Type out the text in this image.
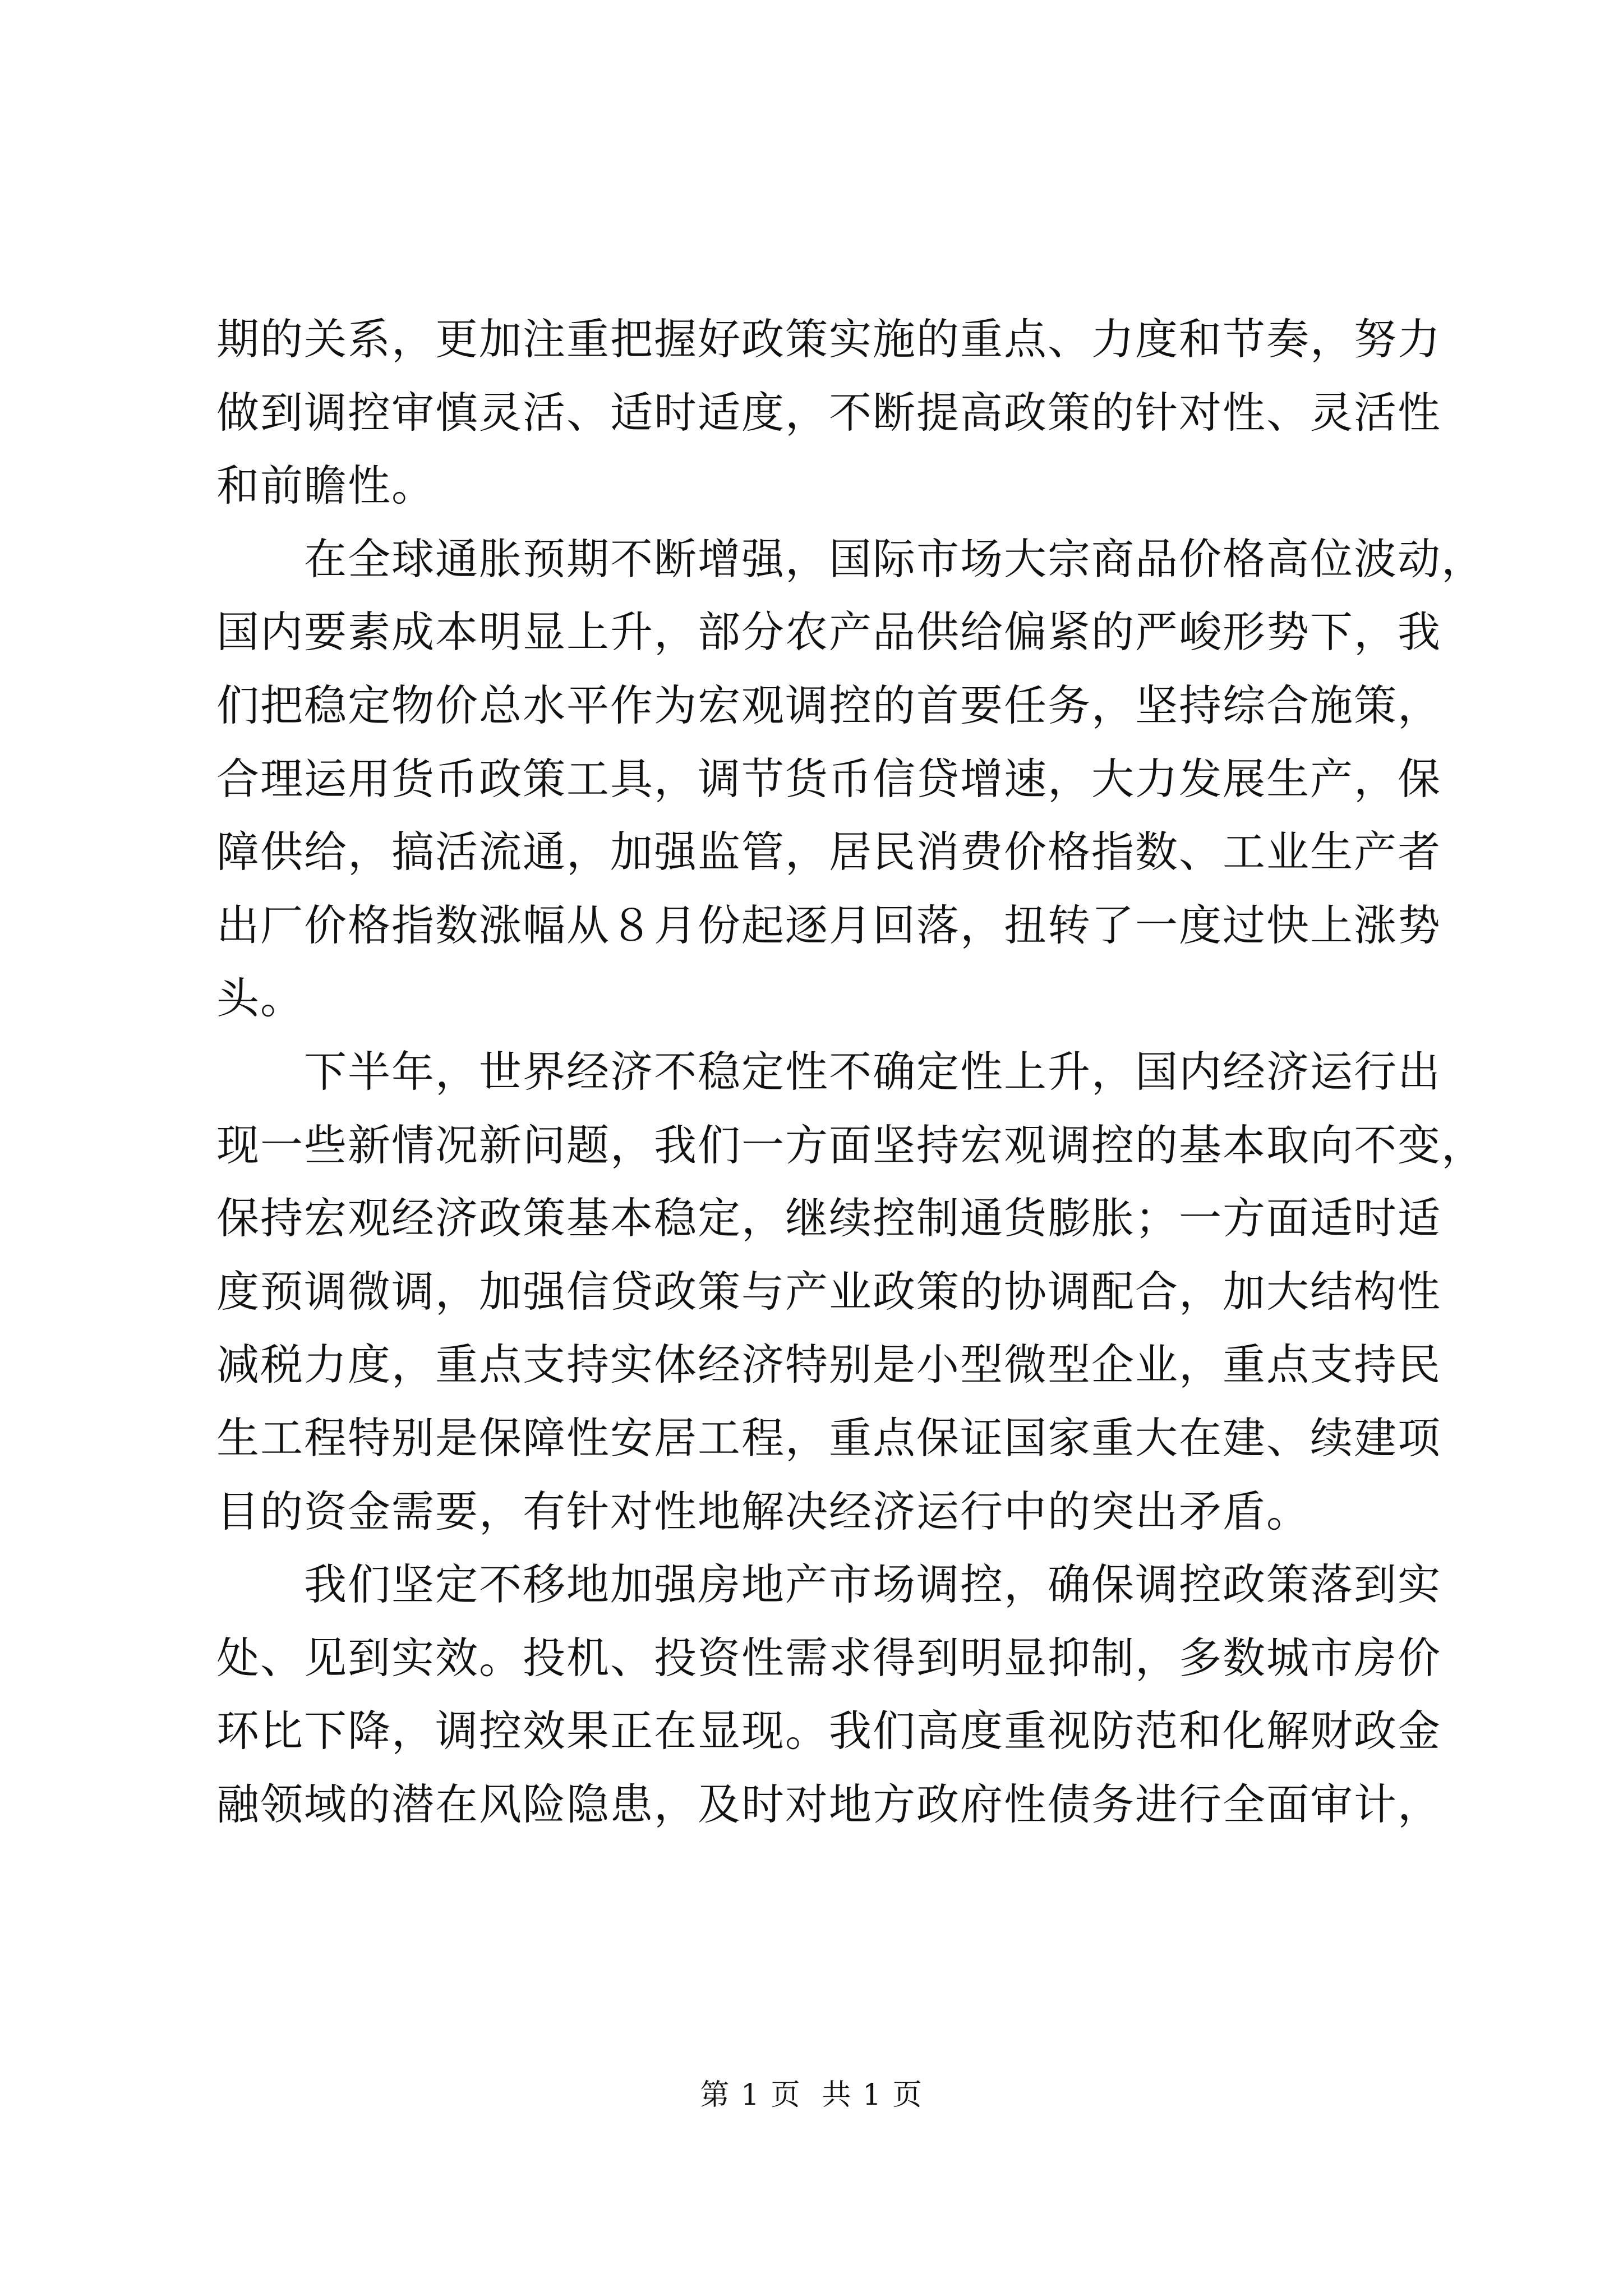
期的关系，更加注重把握好政策实施的重点、力度和节奏，努力
做到调控审慎灵活、适时适度，不断提高政策的针对性、灵活性
和前瞻性。
　　在全球通胀预期不断增强，国际市场大宗商品价格高位波动，
国内要素成本明显上升，部分农产品供给偏紧的严峻形势下，我
们把稳定物价总水平作为宏观调控的首要任务，坚持综合施策，
合理运用货币政策工具，调节货币信贷增速，大力发展生产，保
障供给，搞活流通，加强监管，居民消费价格指数、工业生产者
出厂价格指数涨幅从８月份起逐月回落，扭转了一度过快上涨势
头。
　　下半年，世界经济不稳定性不确定性上升，国内经济运行出
现一些新情况新问题，我们一方面坚持宏观调控的基本取向不变，
保持宏观经济政策基本稳定，继续控制通货膨胀；一方面适时适
度预调微调，加强信贷政策与产业政策的协调配合，加大结构性
减税力度，重点支持实体经济特别是小型微型企业，重点支持民
生工程特别是保障性安居工程，重点保证国家重大在建、续建项
目的资金需要，有针对性地解决经济运行中的突出矛盾。
　　我们坚定不移地加强房地产市场调控，确保调控政策落到实
处、见到实效。投机、投资性需求得到明显抑制，多数城市房价
环比下降，调控效果正在显现。我们高度重视防范和化解财政金
融领域的潜在风险隐患，及时对地方政府性债务进行全面审计，
第 1 页  共 1 页
